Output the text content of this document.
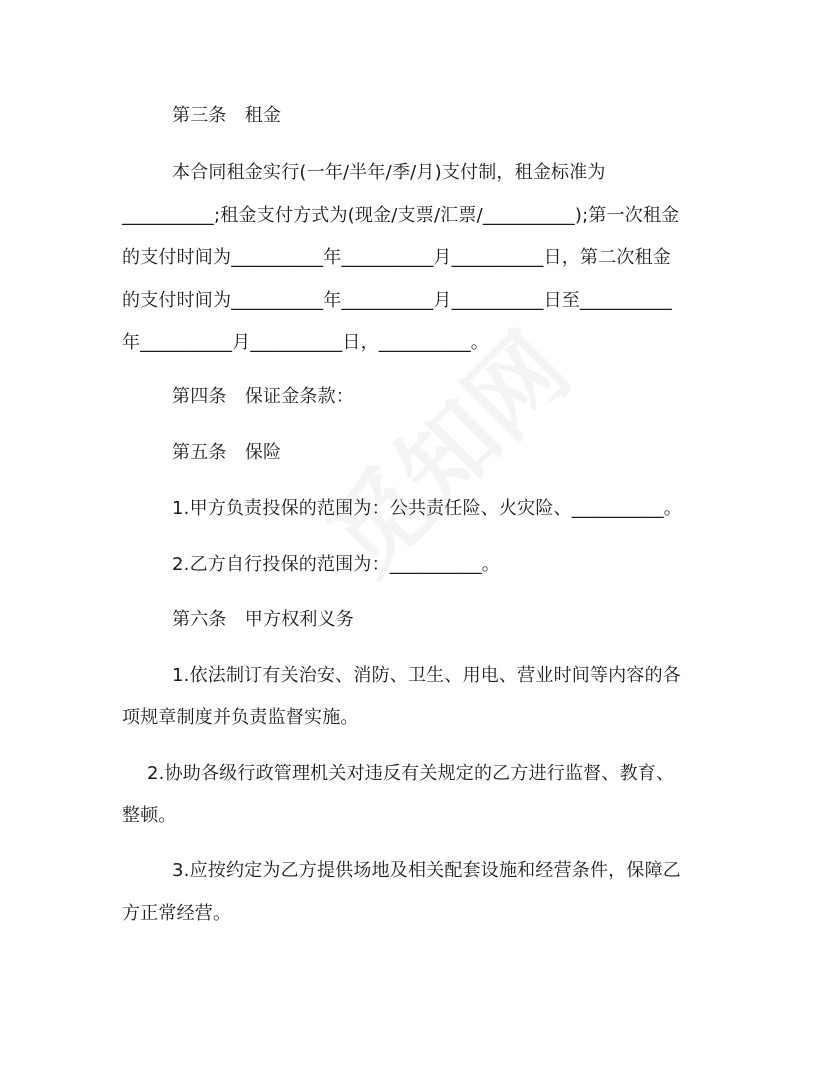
第三条　租金
本合同租金实行(一年/半年/季/月)支付制，租金标准为
__________;租金支付方式为(现金/支票/汇票/__________);第一次租金
的支付时间为__________年__________月__________日，第二次租金
的支付时间为__________年__________月__________日至__________
年__________月__________日，__________。
第四条　保证金条款：
第五条　保险
1.甲方负责投保的范围为：公共责任险、火灾险、__________。
2.乙方自行投保的范围为：__________。
第六条　甲方权利义务
1.依法制订有关治安、消防、卫生、用电、营业时间等内容的各
项规章制度并负责监督实施。
2.协助各级行政管理机关对违反有关规定的乙方进行监督、教育、
整顿。
3.应按约定为乙方提供场地及相关配套设施和经营条件，保障乙
方正常经营。
